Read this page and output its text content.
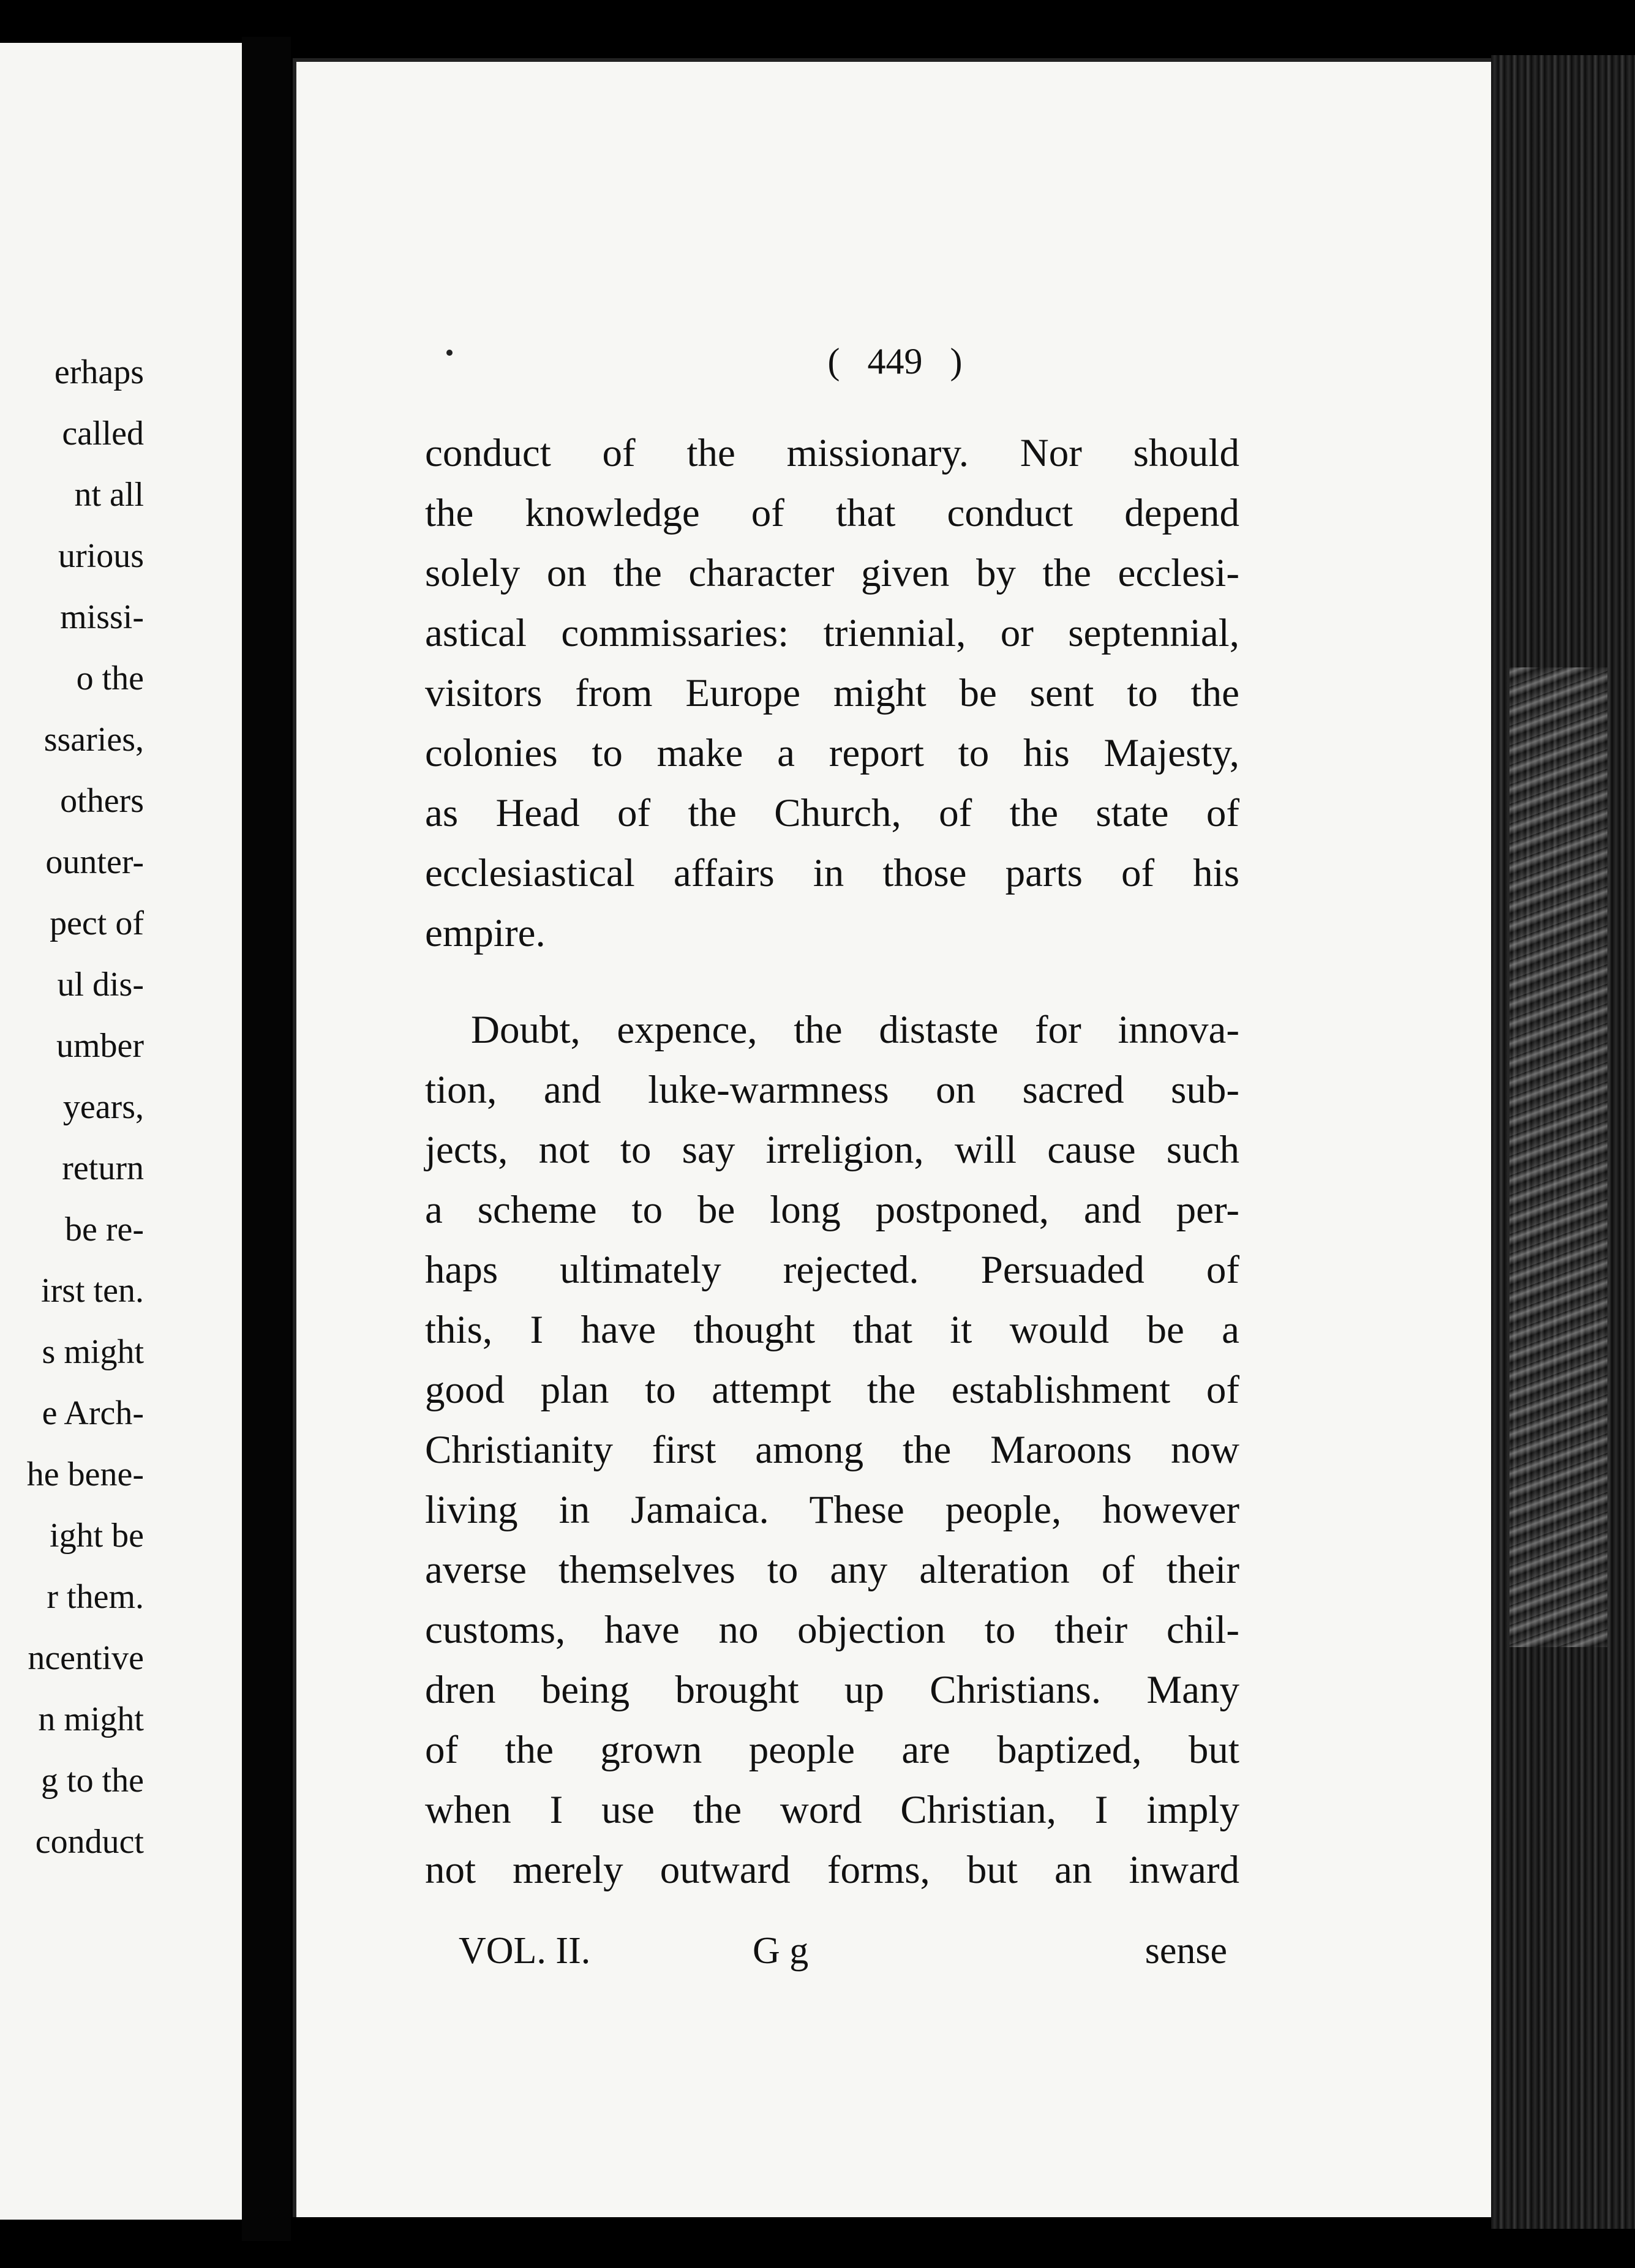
erhaps
called
nt all
urious
missi-
o the
ssaries,
others
ounter-
pect of
ul dis-
umber
years,
return
be re-
irst ten.
s might
e Arch-
he bene-
ight be
r them.
ncentive
n might
g to the
conduct
( 449 )
conduct of the missionary. Nor should
the knowledge of that conduct depend
solely on the character given by the ecclesi-
astical commissaries: triennial, or septennial,
visitors from Europe might be sent to the
colonies to make a report to his Majesty,
as Head of the Church, of the state of
ecclesiastical affairs in those parts of his
empire.
Doubt, expence, the distaste for innova-
tion, and luke-warmness on sacred sub-
jects, not to say irreligion, will cause such
a scheme to be long postponed, and per-
haps ultimately rejected. Persuaded of
this, I have thought that it would be a
good plan to attempt the establishment of
Christianity first among the Maroons now
living in Jamaica. These people, however
averse themselves to any alteration of their
customs, have no objection to their chil-
dren being brought up Christians. Many
of the grown people are baptized, but
when I use the word Christian, I imply
not merely outward forms, but an inward
VOL. II.	G g	sense
